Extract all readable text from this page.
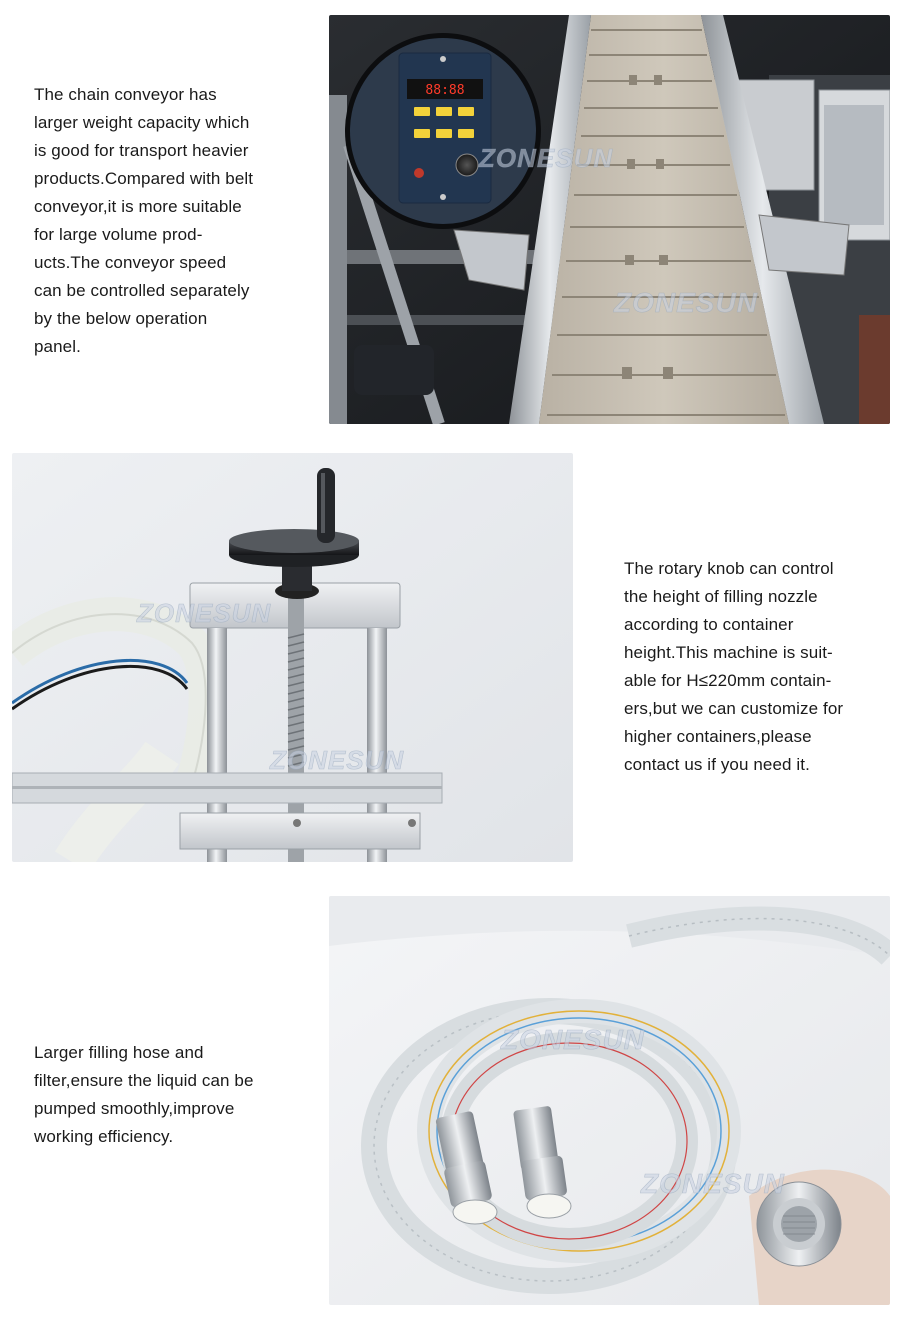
The chain conveyor has
larger weight capacity which
is good for transport heavier
products.Compared with belt
conveyor,it is more suitable
for large volume prod-
ucts.The conveyor speed
can be controlled separately
by the below operation
panel.
88:88
ZONESUN
ZONESUN
ZONESUN
ZONESUN
The rotary knob can control
the height of filling nozzle
according to container
height.This machine is suit-
able for H≤220mm contain-
ers,but we can customize for
higher containers,please
contact us if you need it.
Larger filling hose and
filter,ensure the liquid can be
pumped smoothly,improve
working efficiency.
ZONESUN
ZONESUN
